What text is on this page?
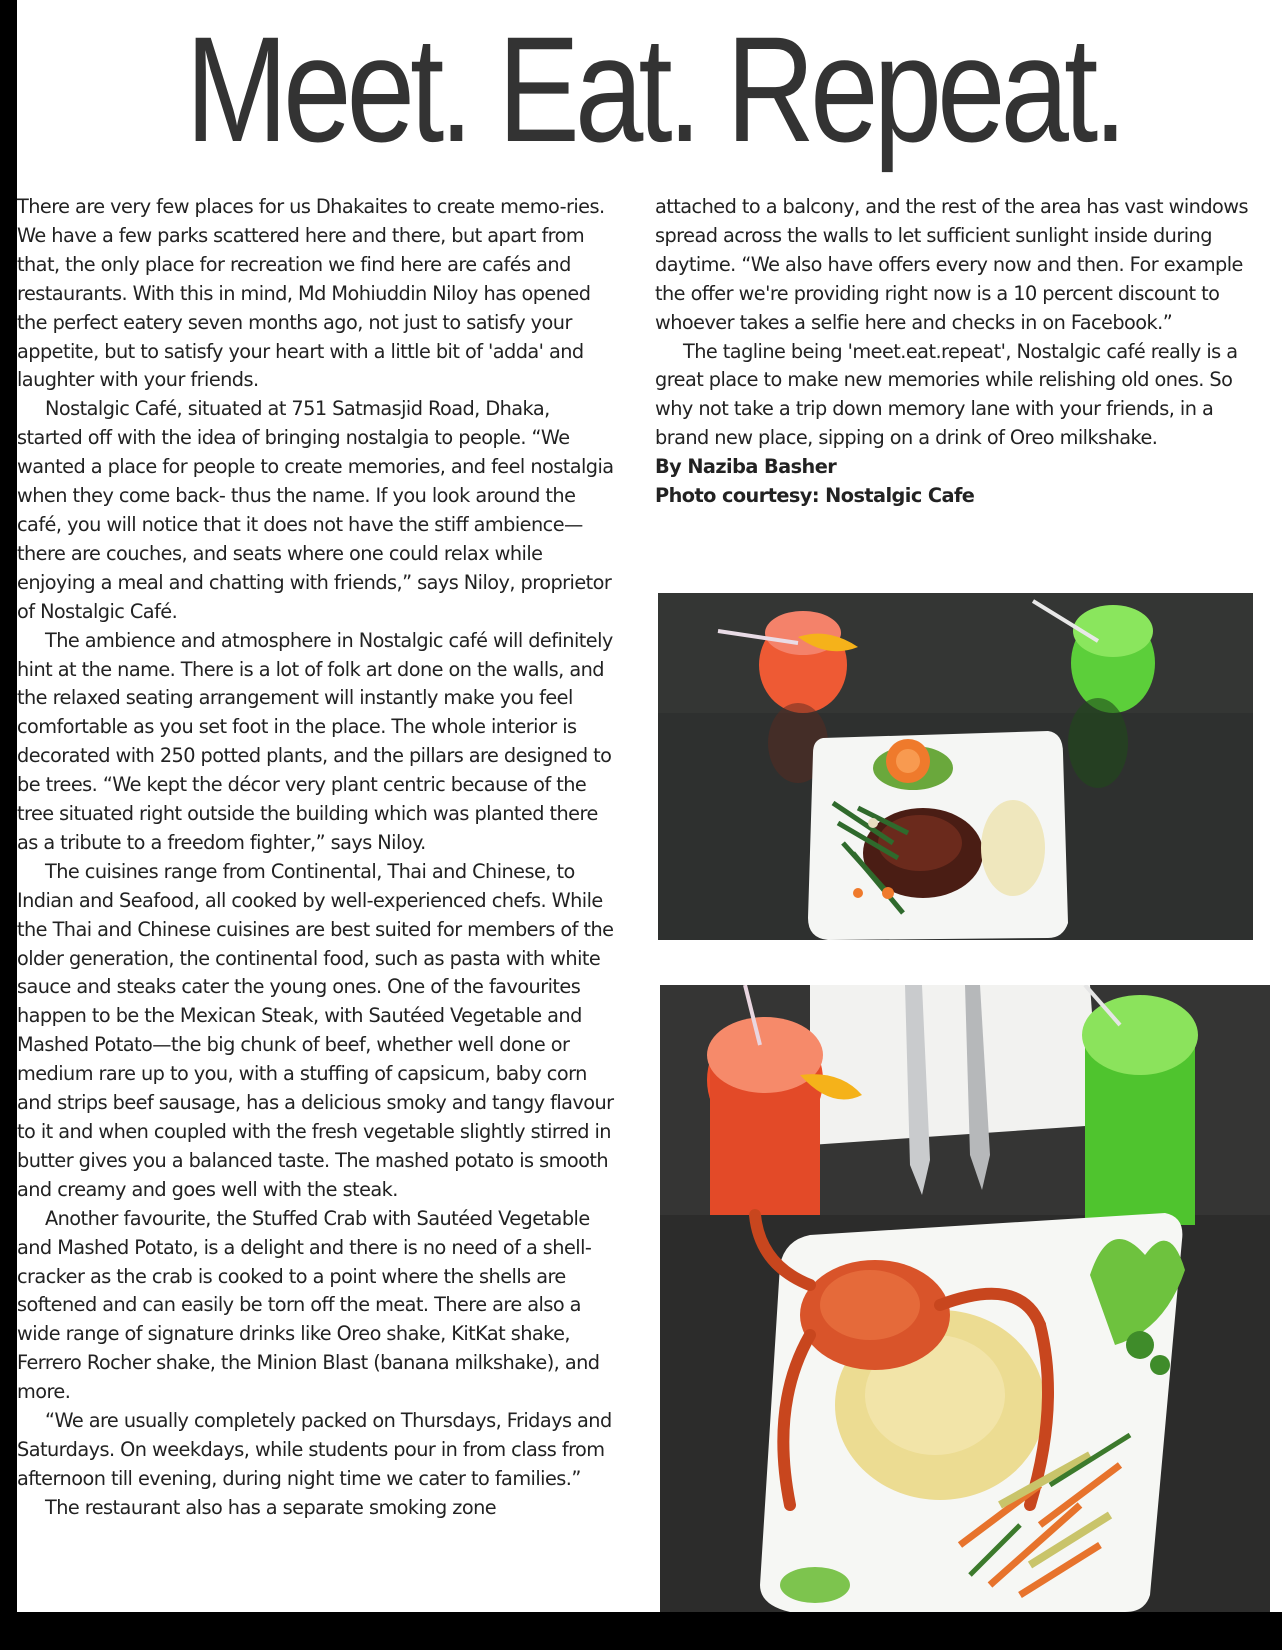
Meet. Eat. Repeat.

There are very few places for us Dhakaites to create memo-ries. We have a few parks scattered here and there, but apart from that, the only place for recreation we find here are cafés and restaurants. With this in mind, Md Mohiuddin Niloy has opened the perfect eatery seven months ago, not just to satisfy your appetite, but to satisfy your heart with a little bit of 'adda' and laughter with your friends.

Nostalgic Café, situated at 751 Satmasjid Road, Dhaka, started off with the idea of bringing nostalgia to people. “We wanted a place for people to create memories, and feel nostalgia when they come back- thus the name. If you look around the café, you will notice that it does not have the stiff ambience—there are couches, and seats where one could relax while enjoying a meal and chatting with friends,” says Niloy, proprietor of Nostalgic Café.

The ambience and atmosphere in Nostalgic café will definitely hint at the name. There is a lot of folk art done on the walls, and the relaxed seating arrangement will instantly make you feel comfortable as you set foot in the place. The whole interior is decorated with 250 potted plants, and the pillars are designed to be trees. “We kept the décor very plant centric because of the tree situated right outside the building which was planted there as a tribute to a freedom fighter,” says Niloy.

The cuisines range from Continental, Thai and Chinese, to Indian and Seafood, all cooked by well-experienced chefs. While the Thai and Chinese cuisines are best suited for members of the older generation, the continental food, such as pasta with white sauce and steaks cater the young ones. One of the favourites happen to be the Mexican Steak, with Sautéed Vegetable and Mashed Potato—the big chunk of beef, whether well done or medium rare up to you, with a stuffing of capsicum, baby corn and strips beef sausage, has a delicious smoky and tangy flavour to it and when coupled with the fresh vegetable slightly stirred in butter gives you a balanced taste. The mashed potato is smooth and creamy and goes well with the steak.

Another favourite, the Stuffed Crab with Sautéed Vegetable and Mashed Potato, is a delight and there is no need of a shell-cracker as the crab is cooked to a point where the shells are softened and can easily be torn off the meat. There are also a wide range of signature drinks like Oreo shake, KitKat shake, Ferrero Rocher shake, the Minion Blast (banana milkshake), and more.

“We are usually completely packed on Thursdays, Fridays and Saturdays. On weekdays, while students pour in from class from afternoon till evening, during night time we cater to families.”

The restaurant also has a separate smoking zone

attached to a balcony, and the rest of the area has vast windows spread across the walls to let sufficient sunlight inside during daytime. “We also have offers every now and then. For example the offer we're providing right now is a 10 percent discount to whoever takes a selfie here and checks in on Facebook.”

The tagline being 'meet.eat.repeat', Nostalgic café really is a great place to make new memories while relishing old ones. So why not take a trip down memory lane with your friends, in a brand new place, sipping on a drink of Oreo milkshake.

By Naziba Basher

Photo courtesy: Nostalgic Cafe
